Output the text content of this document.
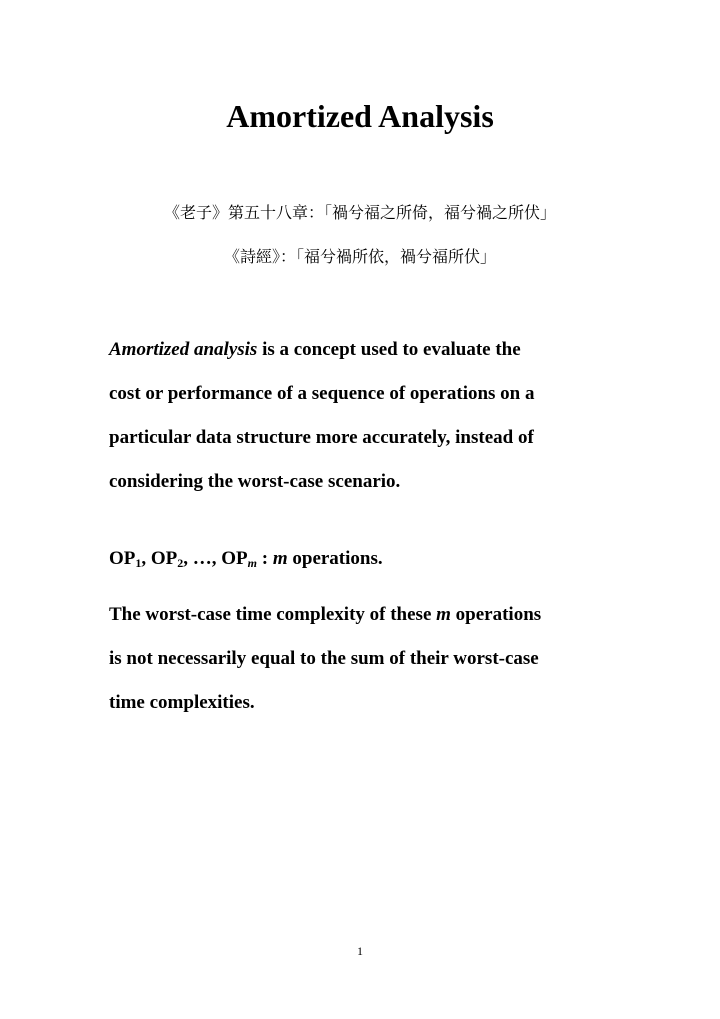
Amortized Analysis
《老子》第五十八章：「禍兮福之所倚，福兮禍之所伏」
《詩經》：「福兮禍所依，禍兮福所伏」
Amortized analysis is a concept used to evaluate the
cost or performance of a sequence of operations on a
particular data structure more accurately, instead of
considering the worst-case scenario.
$OP_1$, $OP_2$, …, $OP_m$ : m operations.
The worst-case time complexity of these m operations
is not necessarily equal to the sum of their worst-case
time complexities.
1
